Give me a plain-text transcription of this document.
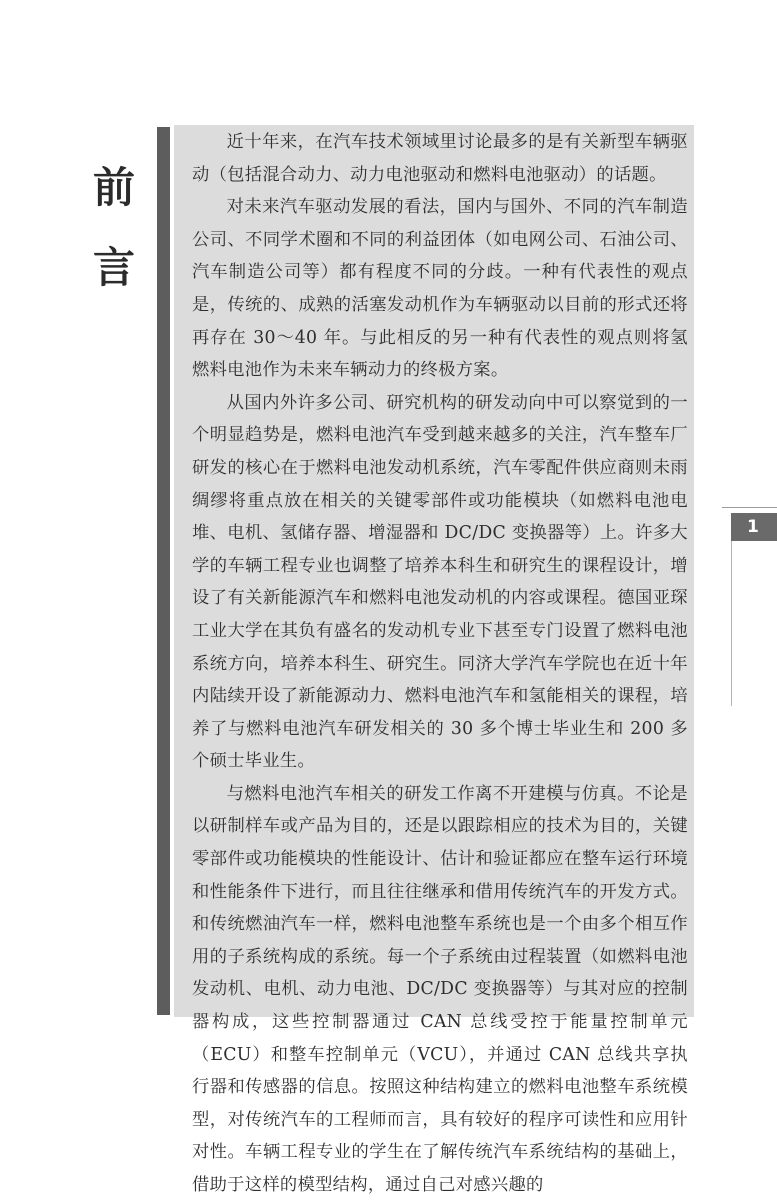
前
言

近十年来，在汽车技术领域里讨论最多的是有关新型车辆驱动（包括混合动力、动力电池驱动和燃料电池驱动）的话题。

对未来汽车驱动发展的看法，国内与国外、不同的汽车制造公司、不同学术圈和不同的利益团体（如电网公司、石油公司、汽车制造公司等）都有程度不同的分歧。一种有代表性的观点是，传统的、成熟的活塞发动机作为车辆驱动以目前的形式还将再存在 30～40 年。与此相反的另一种有代表性的观点则将氢燃料电池作为未来车辆动力的终极方案。

从国内外许多公司、研究机构的研发动向中可以察觉到的一个明显趋势是，燃料电池汽车受到越来越多的关注，汽车整车厂研发的核心在于燃料电池发动机系统，汽车零配件供应商则未雨绸缪将重点放在相关的关键零部件或功能模块（如燃料电池电堆、电机、氢储存器、增湿器和 DC/DC 变换器等）上。许多大学的车辆工程专业也调整了培养本科生和研究生的课程设计，增设了有关新能源汽车和燃料电池发动机的内容或课程。德国亚琛工业大学在其负有盛名的发动机专业下甚至专门设置了燃料电池系统方向，培养本科生、研究生。同济大学汽车学院也在近十年内陆续开设了新能源动力、燃料电池汽车和氢能相关的课程，培养了与燃料电池汽车研发相关的 30 多个博士毕业生和 200 多个硕士毕业生。

与燃料电池汽车相关的研发工作离不开建模与仿真。不论是以研制样车或产品为目的，还是以跟踪相应的技术为目的，关键零部件或功能模块的性能设计、估计和验证都应在整车运行环境和性能条件下进行，而且往往继承和借用传统汽车的开发方式。和传统燃油汽车一样，燃料电池整车系统也是一个由多个相互作用的子系统构成的系统。每一个子系统由过程装置（如燃料电池发动机、电机、动力电池、DC/DC 变换器等）与其对应的控制器构成，这些控制器通过 CAN 总线受控于能量控制单元（ECU）和整车控制单元（VCU），并通过 CAN 总线共享执行器和传感器的信息。按照这种结构建立的燃料电池整车系统模型，对传统汽车的工程师而言，具有较好的程序可读性和应用针对性。车辆工程专业的学生在了解传统汽车系统结构的基础上，借助于这样的模型结构，通过自己对感兴趣的

1
